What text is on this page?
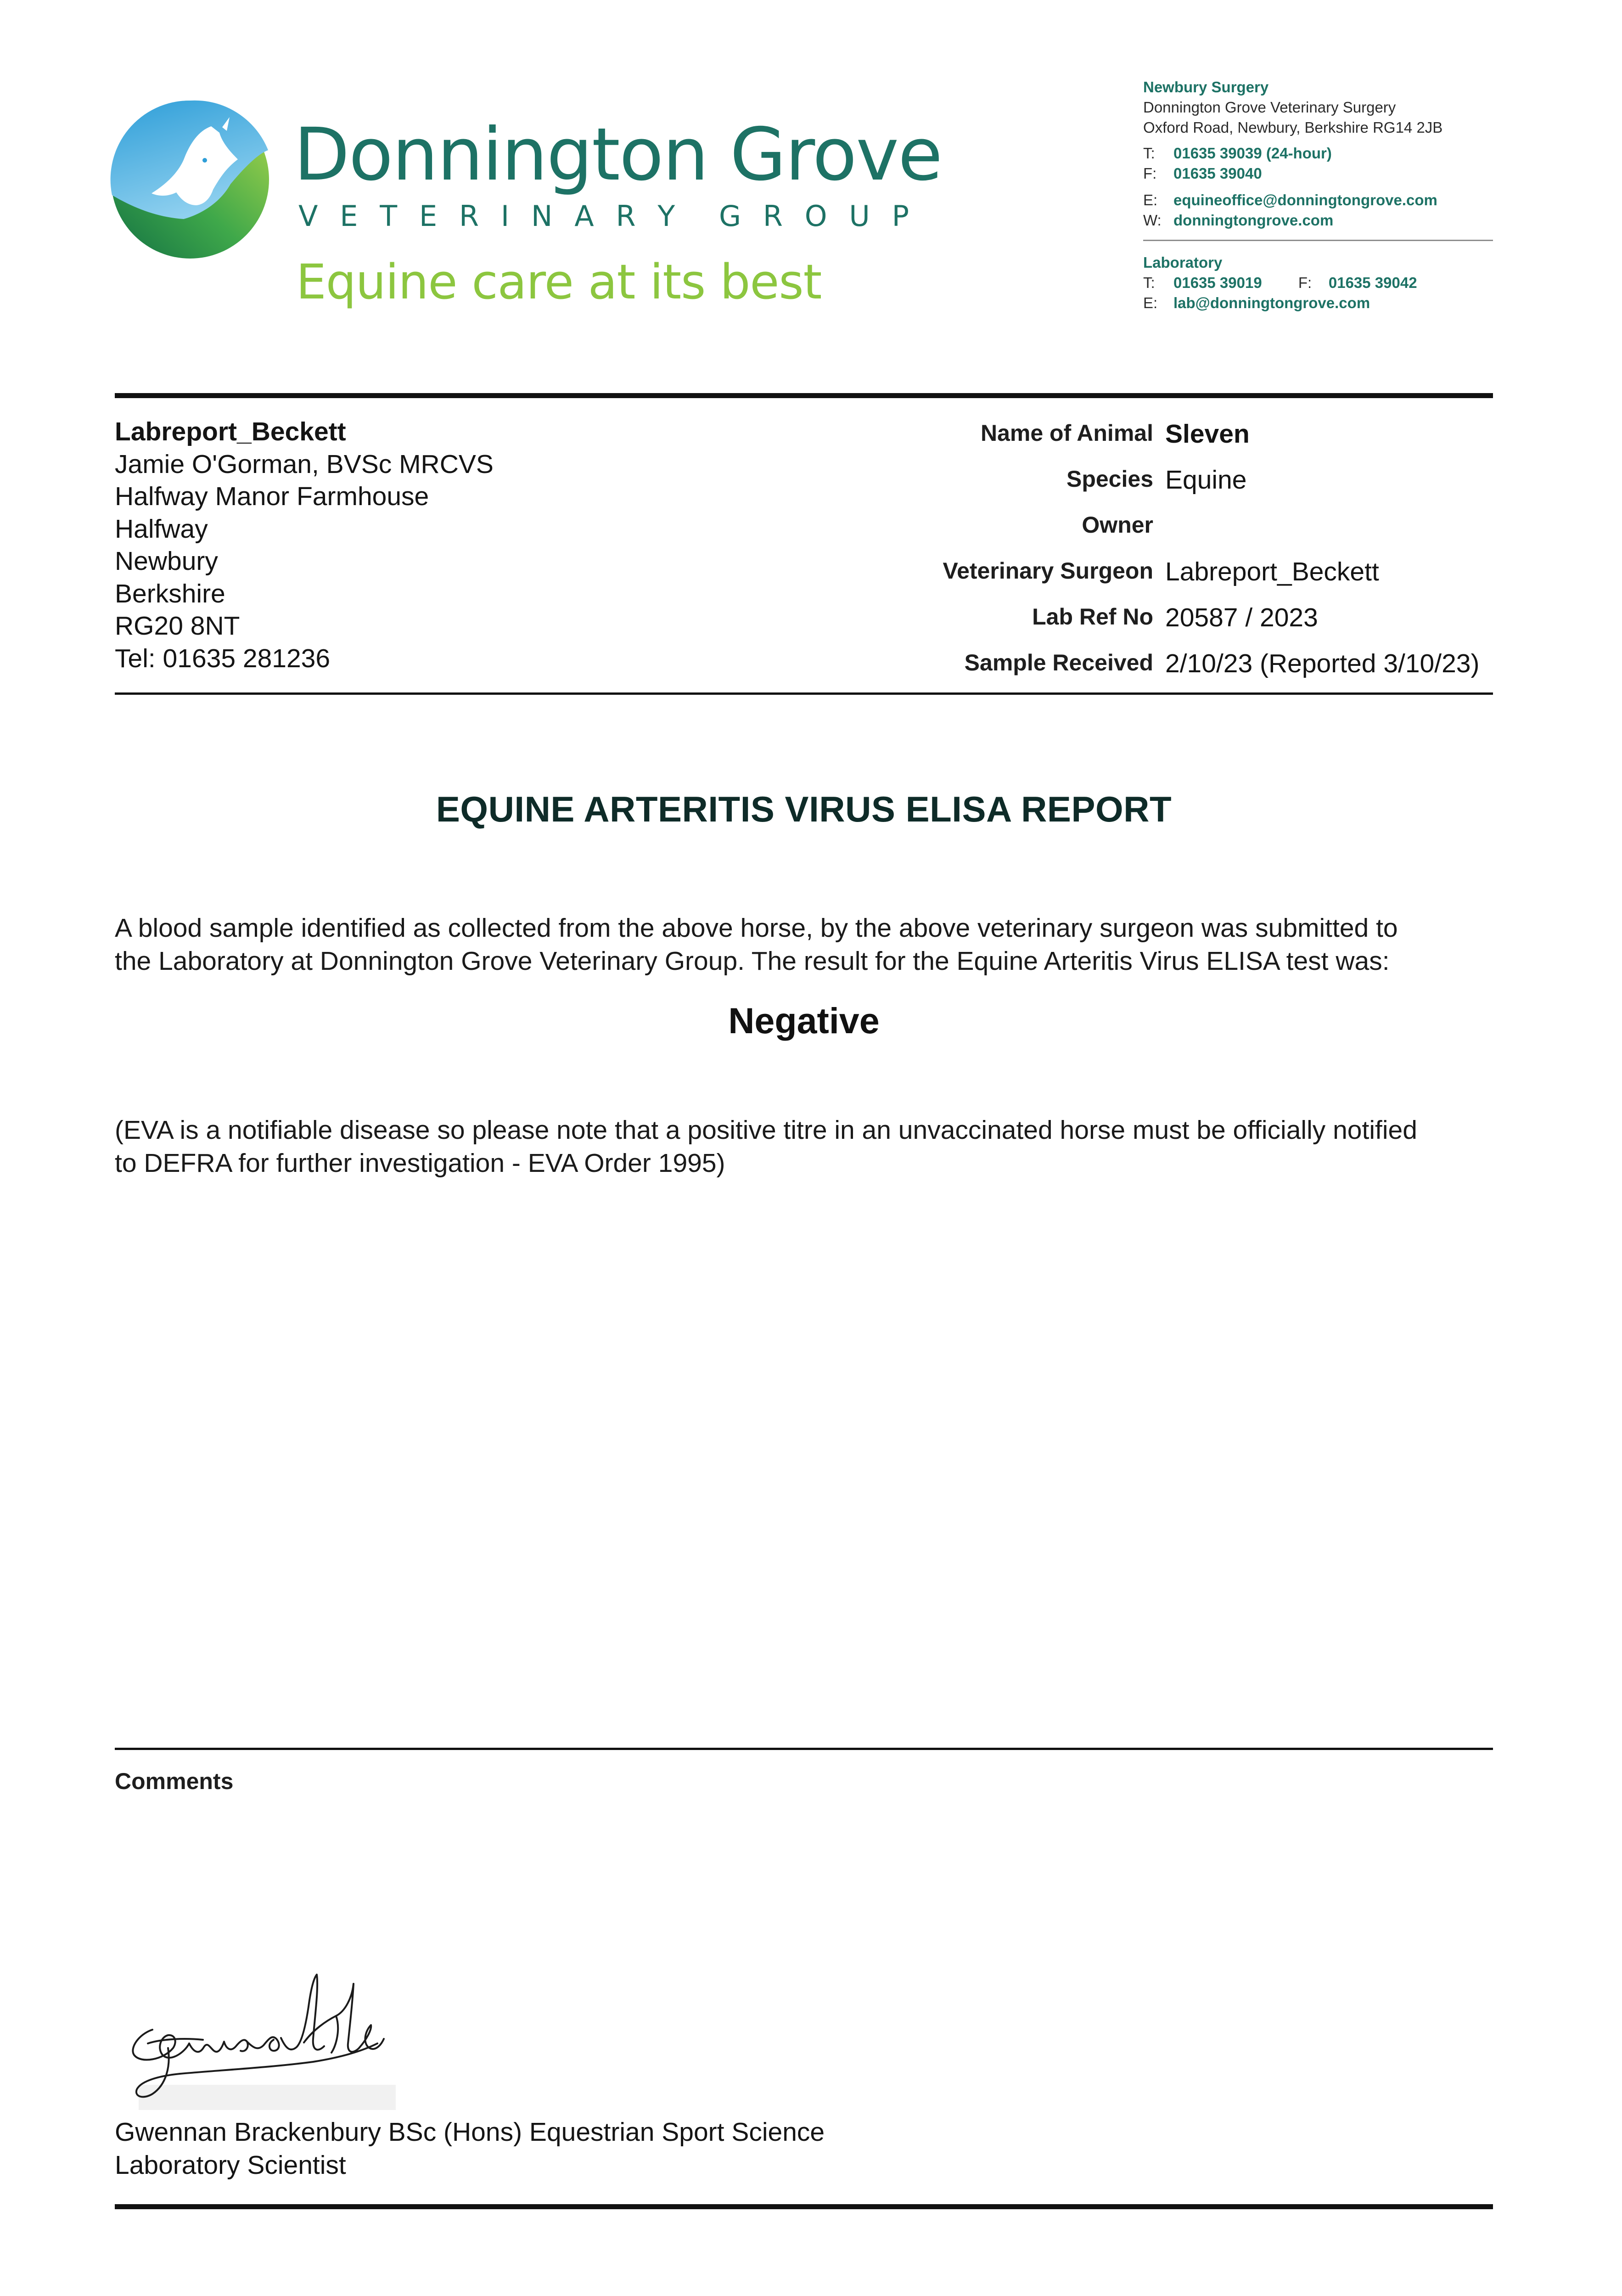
Donnington Grove
V E T E R I N A R Y G R O U P
Equine care at its best
Newbury Surgery
Donnington Grove Veterinary Surgery
Oxford Road, Newbury, Berkshire RG14 2JB
T: 01635 39039 (24-hour)
F: 01635 39040
E: equineoffice@donningtongrove.com
W: donningtongrove.com
Laboratory
T: 01635 39019 F: 01635 39042
E: lab@donningtongrove.com
Labreport_Beckett
Jamie O'Gorman, BVSc MRCVS
Halfway Manor Farmhouse
Halfway
Newbury
Berkshire
RG20 8NT
Tel: 01635 281236
Name of Animal Sleven
Species Equine
Owner
Veterinary Surgeon Labreport_Beckett
Lab Ref No 20587 / 2023
Sample Received 2/10/23 (Reported 3/10/23)
EQUINE ARTERITIS VIRUS ELISA REPORT
A blood sample identified as collected from the above horse, by the above veterinary surgeon was submitted to
the Laboratory at Donnington Grove Veterinary Group. The result for the Equine Arteritis Virus ELISA test was:
Negative
(EVA is a notifiable disease so please note that a positive titre in an unvaccinated horse must be officially notified
to DEFRA for further investigation - EVA Order 1995)
Comments
Gwennan Brackenbury BSc (Hons) Equestrian Sport Science
Laboratory Scientist
